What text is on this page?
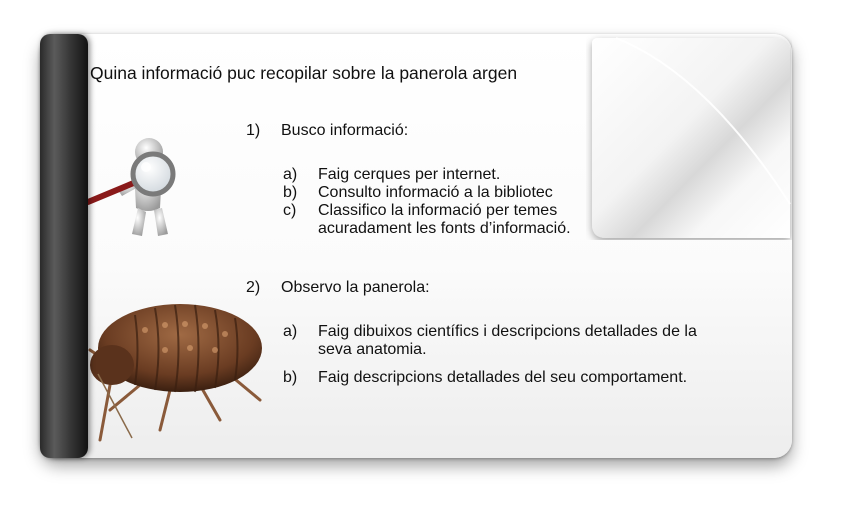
Quina informació puc recopilar sobre la panerola argen
1) Busco informació:
a) Faig cerques per internet.
b) Consulto informació a la bibliotec
c) Classifico la informació per temes
acuradament les fonts d’informació.
2) Observo la panerola:
a) Faig dibuixos científics i descripcions detallades de la
seva anatomia.
b) Faig descripcions detallades del seu comportament.
